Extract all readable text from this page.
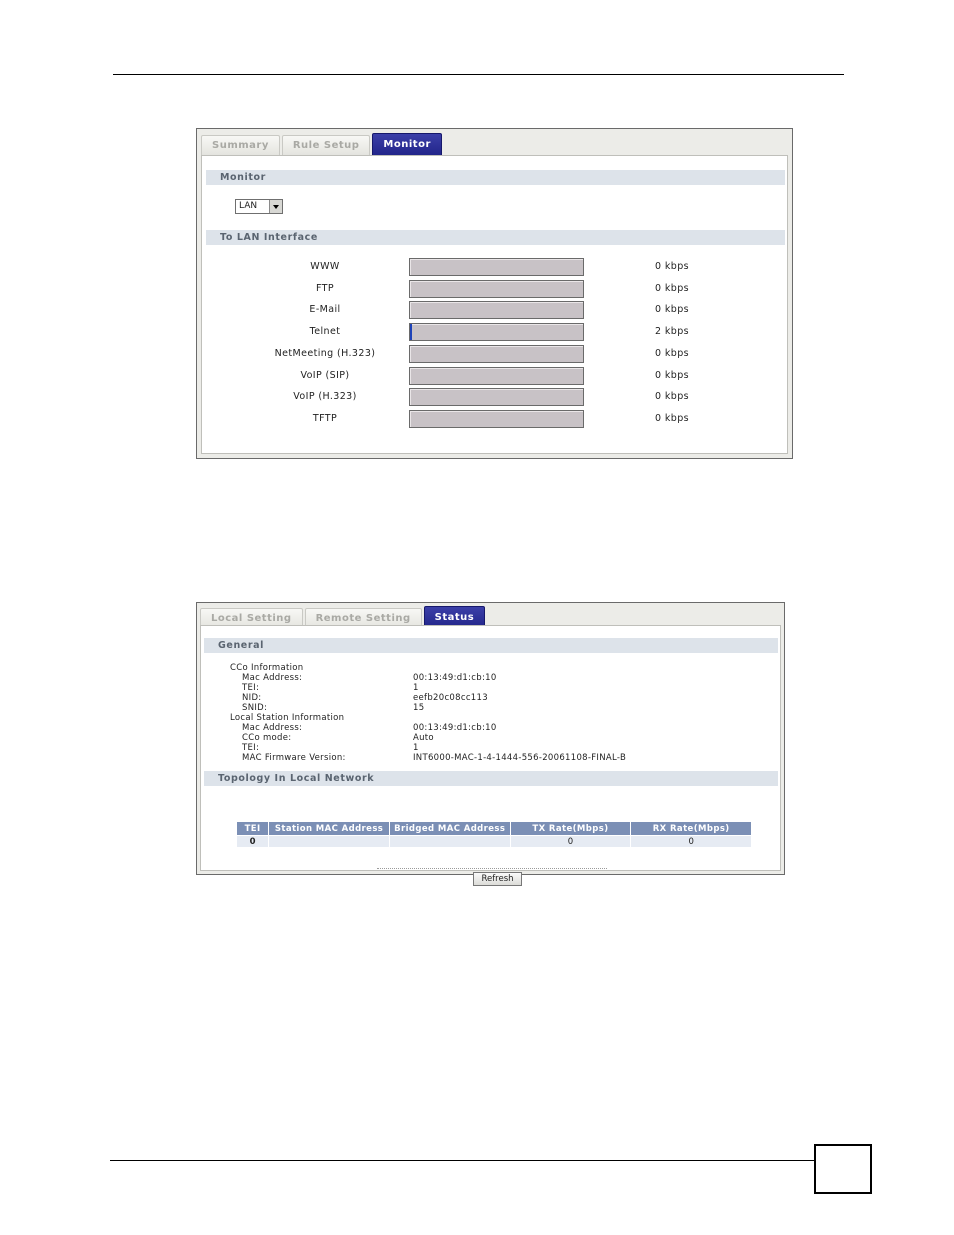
Summary	Rule Setup	Monitor
Monitor
LAN
To LAN Interface
WWW	0 kbps
FTP	0 kbps
E-Mail	0 kbps
Telnet	2 kbps
NetMeeting (H.323)	0 kbps
VoIP (SIP)	0 kbps
VoIP (H.323)	0 kbps
TFTP	0 kbps
Local Setting	Remote Setting	Status
General
CCo Information
Mac Address:	00:13:49:d1:cb:10
TEI:	1
NID:	eefb20c08cc113
SNID:	15
Local Station Information
Mac Address:	00:13:49:d1:cb:10
CCo mode:	Auto
TEI:	1
MAC Firmware Version:	INT6000-MAC-1-4-1444-556-20061108-FINAL-B
Topology In Local Network
TEI	Station MAC Address	Bridged MAC Address	TX Rate(Mbps)	RX Rate(Mbps)
0			0	0
Refresh
